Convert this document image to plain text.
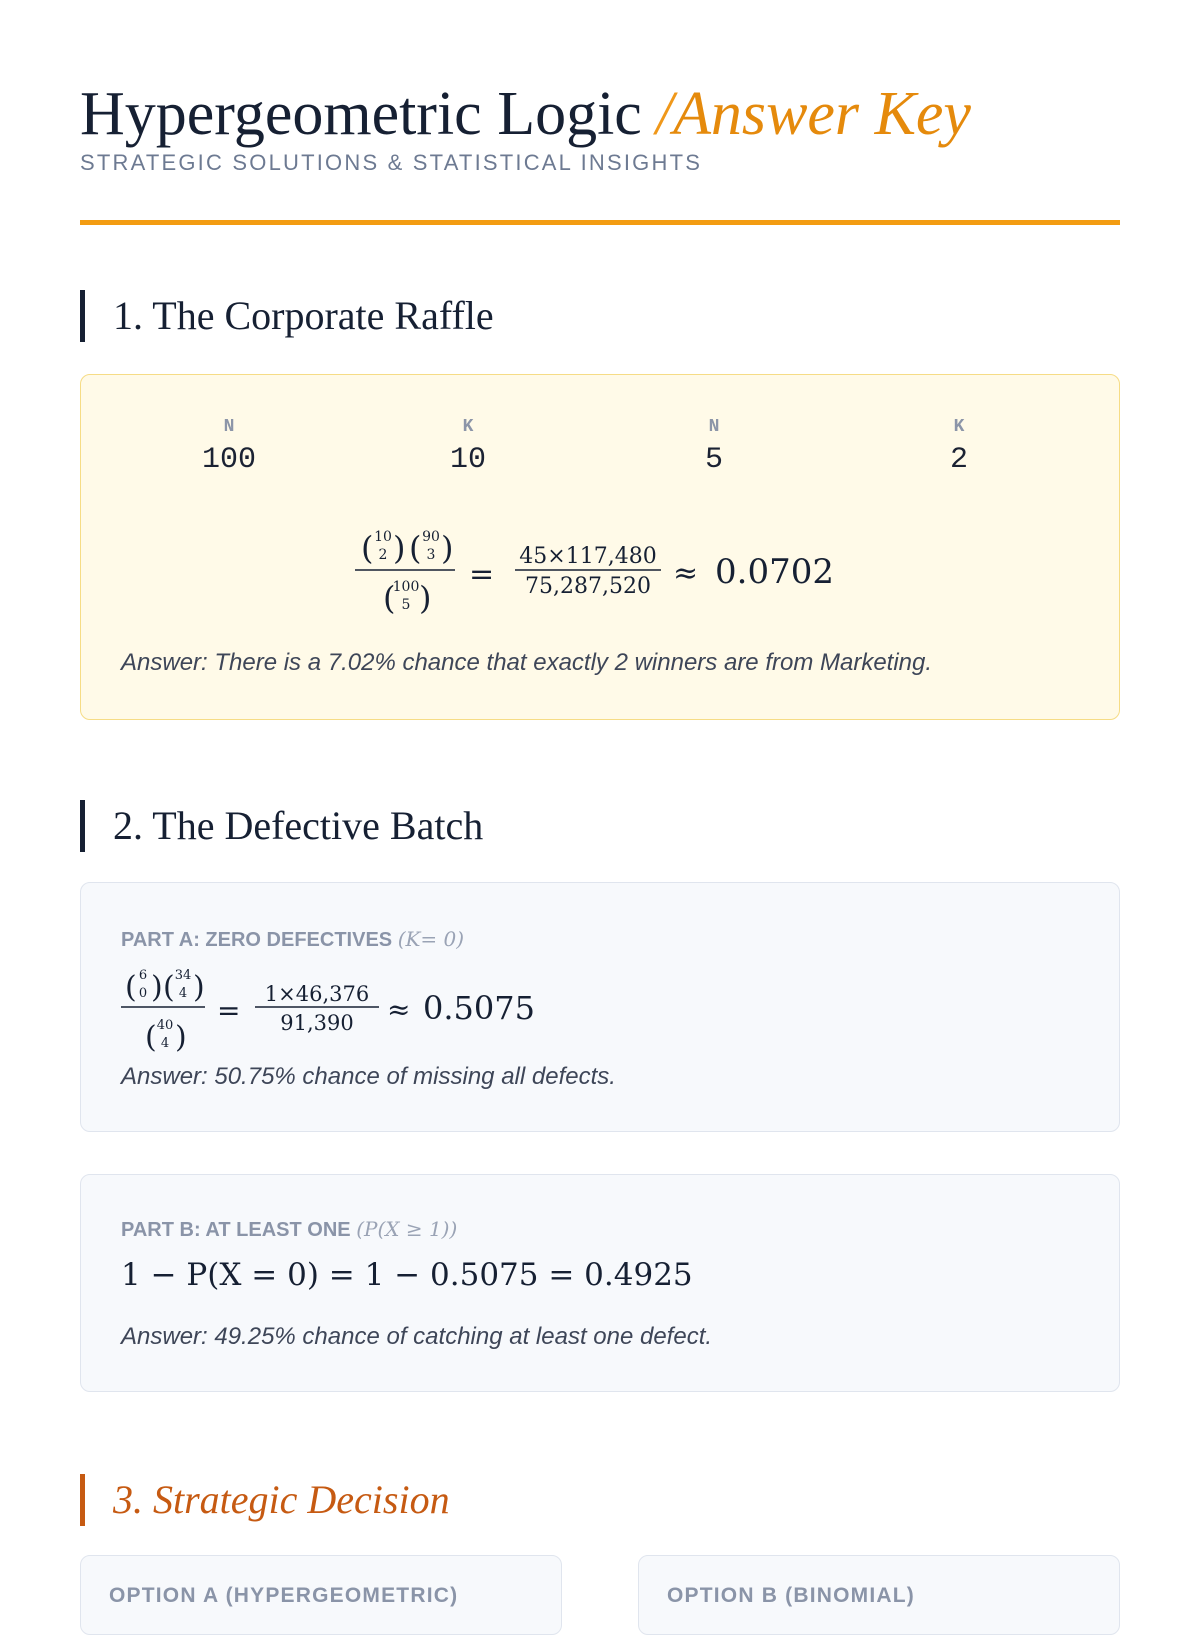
Hypergeometric Logic /Answer Key
STRATEGIC SOLUTIONS & STATISTICAL INSIGHTS
1. The Corporate Raffle
N
100
K
10
N
5
K
2
( 10
2 ) ( 90
3 )
(
100
5 )
=
45×117,480
75,287,520 ≈ 0.0702
Answer: There is a 7.02% chance that exactly 2 winners are from Marketing.
2. The Defective Batch
PART A: ZERO DEFECTIVES (K= 0)
( 6
0 ) ( 34
4 )
( 40
4 )
= 1×46,376
91,390 ≈ 0.5075
Answer: 50.75% chance of missing all defects.
PART B: AT LEAST ONE (P(X ≥ 1))
1 − P(X = 0) = 1 − 0.5075 = 0.4925
Answer: 49.25% chance of catching at least one defect.
3. Strategic Decision
OPTION A (HYPERGEOMETRIC)	OPTION B (BINOMIAL)
